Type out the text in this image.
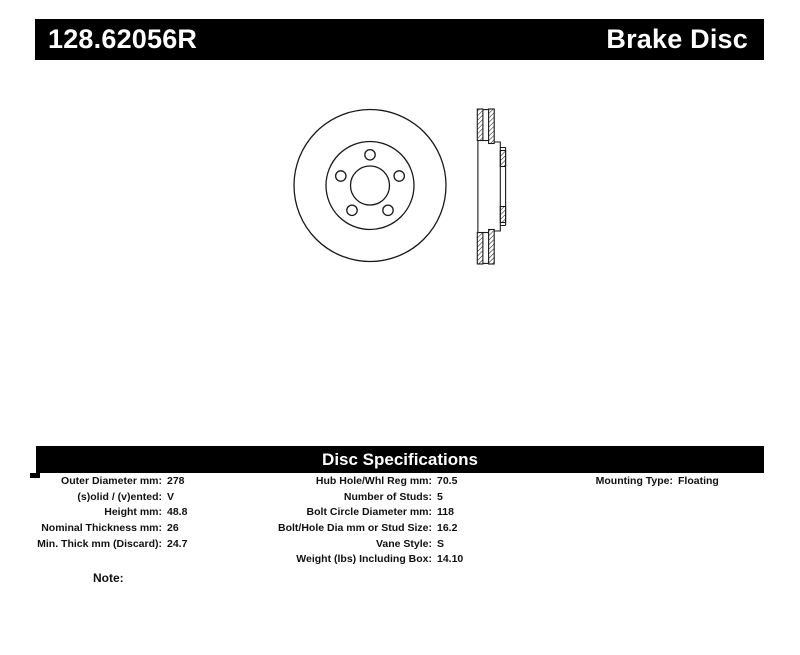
128.62056R	Brake Disc
Disc Specifications
Outer Diameter mm: 278
(s)olid / (v)ented: V
Height mm: 48.8
Nominal Thickness mm: 26
Min. Thick mm (Discard): 24.7
Hub Hole/Whl Reg mm: 70.5
Number of Studs: 5
Bolt Circle Diameter mm: 118
Bolt/Hole Dia mm or Stud Size: 16.2
Vane Style: S
Weight (lbs) Including Box: 14.10
Mounting Type: Floating
Note:
